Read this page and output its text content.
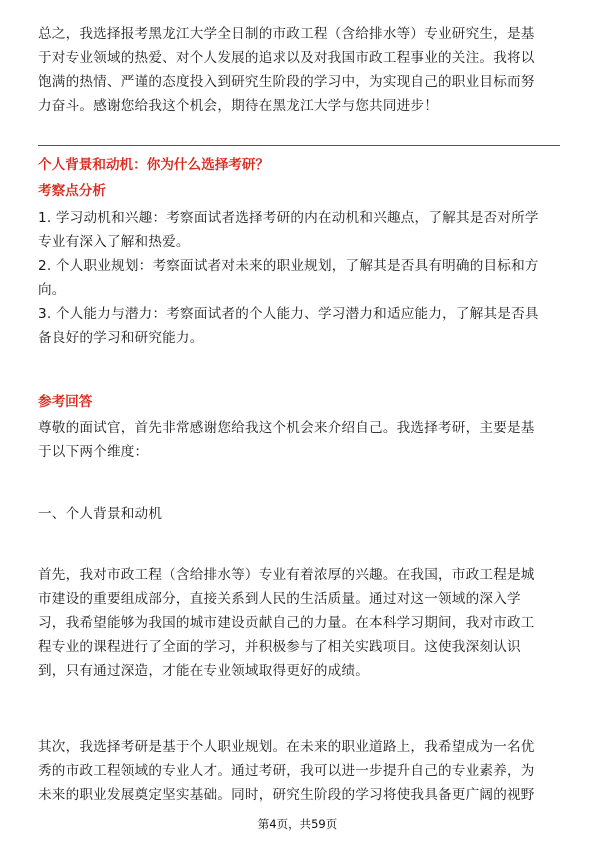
总之，我选择报考黑龙江大学全日制的市政工程（含给排水等）专业研究生，是基
于对专业领域的热爱、对个人发展的追求以及对我国市政工程事业的关注。我将以
饱满的热情、严谨的态度投入到研究生阶段的学习中，为实现自己的职业目标而努
力奋斗。感谢您给我这个机会，期待在黑龙江大学与您共同进步！
个人背景和动机：你为什么选择考研？
考察点分析
1. 学习动机和兴趣：考察面试者选择考研的内在动机和兴趣点，了解其是否对所学
专业有深入了解和热爱。
2. 个人职业规划：考察面试者对未来的职业规划，了解其是否具有明确的目标和方
向。
3. 个人能力与潜力：考察面试者的个人能力、学习潜力和适应能力，了解其是否具
备良好的学习和研究能力。
参考回答
尊敬的面试官，首先非常感谢您给我这个机会来介绍自己。我选择考研，主要是基
于以下两个维度：
一、个人背景和动机
首先，我对市政工程（含给排水等）专业有着浓厚的兴趣。在我国，市政工程是城
市建设的重要组成部分，直接关系到人民的生活质量。通过对这一领域的深入学
习，我希望能够为我国的城市建设贡献自己的力量。在本科学习期间，我对市政工
程专业的课程进行了全面的学习，并积极参与了相关实践项目。这使我深刻认识
到，只有通过深造，才能在专业领域取得更好的成绩。
其次，我选择考研是基于个人职业规划。在未来的职业道路上，我希望成为一名优
秀的市政工程领域的专业人才。通过考研，我可以进一步提升自己的专业素养，为
未来的职业发展奠定坚实基础。同时，研究生阶段的学习将使我具备更广阔的视野
第4页，共59页
